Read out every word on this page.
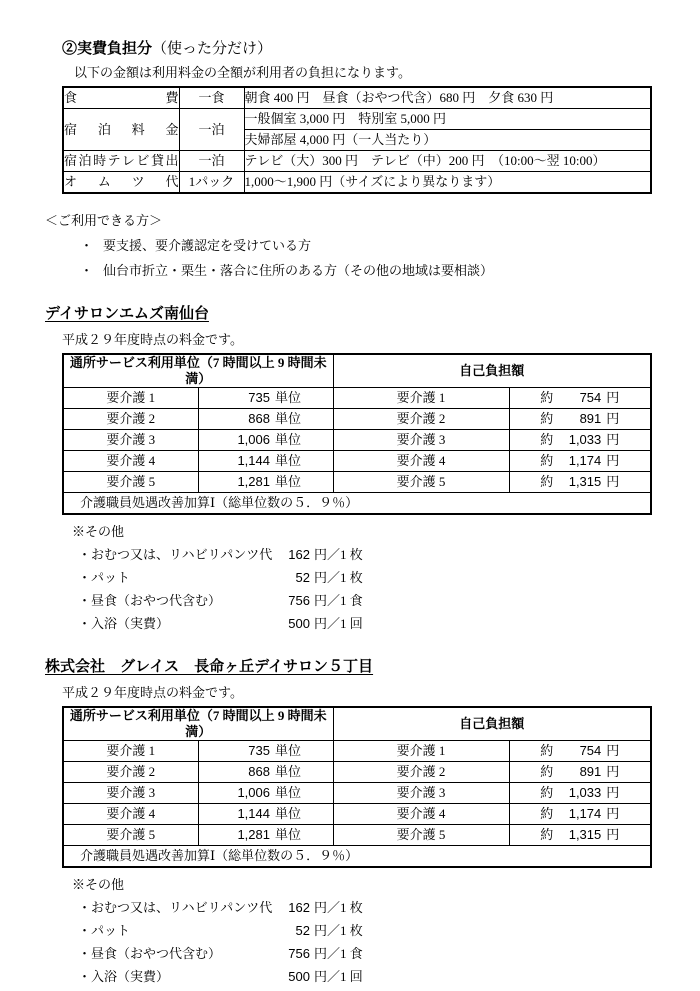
②実費負担分（使った分だけ）

以下の金額は利用料金の全額が利用者の負担になります。

食費	一食	朝食 400 円　昼食（おやつ代含）680 円　夕食 630 円
宿泊料金	一泊	一般個室 3,000 円　特別室 5,000 円
		夫婦部屋 4,000 円（一人当たり）
宿泊時テレビ貸出	一泊	テレビ（大）300 円　テレビ（中）200 円　（10:00～翌 10:00）
オムツ代	1パック	1,000～1,900 円（サイズにより異なります）

＜ご利用できる方＞

・ 要支援、要介護認定を受けている方

・ 仙台市折立・栗生・落合に住所のある方（その他の地域は要相談）

デイサロンエムズ南仙台

平成２９年度時点の料金です。

通所サービス利用単位（7 時間以上 9 時間未満）		自己負担額	
要介護 1	735 単位	要介護 1	約 754 円
要介護 2	868 単位	要介護 2	約 891 円
要介護 3	1,006 単位	要介護 3	約 1,033 円
要介護 4	1,144 単位	要介護 4	約 1,174 円
要介護 5	1,281 単位	要介護 5	約 1,315 円
介護職員処遇改善加算Ⅰ（総単位数の５．９％）			

※その他

・おむつ又は、リハビリパンツ代	162 円／1 枚
・パット	52 円／1 枚
・昼食（おやつ代含む）	756 円／1 食
・入浴（実費）	500 円／1 回

株式会社　グレイス　長命ヶ丘デイサロン５丁目

平成２９年度時点の料金です。

通所サービス利用単位（7 時間以上 9 時間未満）		自己負担額	
要介護 1	735 単位	要介護 1	約 754 円
要介護 2	868 単位	要介護 2	約 891 円
要介護 3	1,006 単位	要介護 3	約 1,033 円
要介護 4	1,144 単位	要介護 4	約 1,174 円
要介護 5	1,281 単位	要介護 5	約 1,315 円
介護職員処遇改善加算Ⅰ（総単位数の５．９％）			

※その他

・おむつ又は、リハビリパンツ代	162 円／1 枚
・パット	52 円／1 枚
・昼食（おやつ代含む）	756 円／1 食
・入浴（実費）	500 円／1 回
